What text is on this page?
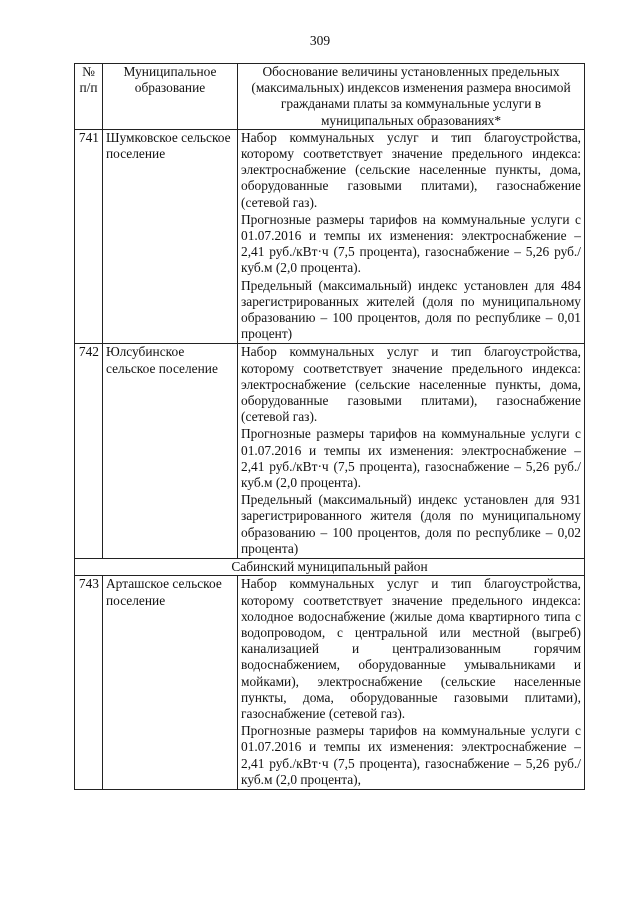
309
№
п/п	Муниципальное образование	Обоснование величины установленных предельных (максимальных) индексов изменения размера вносимой гражданами платы за коммунальные услуги в муниципальных образованиях*
741	Шумковское сельское поселение	Набор коммунальных услуг и тип благоустройства, которому соответствует значение предельного индекса: электроснабжение (сельские населенные пункты, дома, оборудованные газовыми плитами), газоснабжение (сетевой газ).

Прогнозные размеры тарифов на коммунальные услуги с 01.07.2016 и темпы их изменения: электроснабжение – 2,41 руб./кВт·ч (7,5 процента), газоснабжение – 5,26 руб./куб.м (2,0 процента).

Предельный (максимальный) индекс установлен для 484 зарегистрированных жителей (доля по муниципальному образованию – 100 процентов, доля по республике – 0,01 процент)

742	Юлсубинское сельское поселение	Набор коммунальных услуг и тип благоустройства, которому соответствует значение предельного индекса: электроснабжение (сельские населенные пункты, дома, оборудованные газовыми плитами), газоснабжение (сетевой газ).

Прогнозные размеры тарифов на коммунальные услуги с 01.07.2016 и темпы их изменения: электроснабжение – 2,41 руб./кВт·ч (7,5 процента), газоснабжение – 5,26 руб./куб.м (2,0 процента).

Предельный (максимальный) индекс установлен для 931 зарегистрированного жителя (доля по муниципальному образованию – 100 процентов, доля по республике – 0,02 процента)

Сабинский муниципальный район		
743	Арташское сельское поселение	Набор коммунальных услуг и тип благоустройства, которому соответствует значение предельного индекса: холодное водоснабжение (жилые дома квартирного типа с водопроводом, с центральной или местной (выгреб) канализацией и централизованным горячим водоснабжением, оборудованные умывальниками и мойками), электроснабжение (сельские населенные пункты, дома, оборудованные газовыми плитами), газоснабжение (сетевой газ).

Прогнозные размеры тарифов на коммунальные услуги с 01.07.2016 и темпы их изменения: электроснабжение – 2,41 руб./кВт·ч (7,5 процента), газоснабжение – 5,26 руб./куб.м (2,0 процента),
